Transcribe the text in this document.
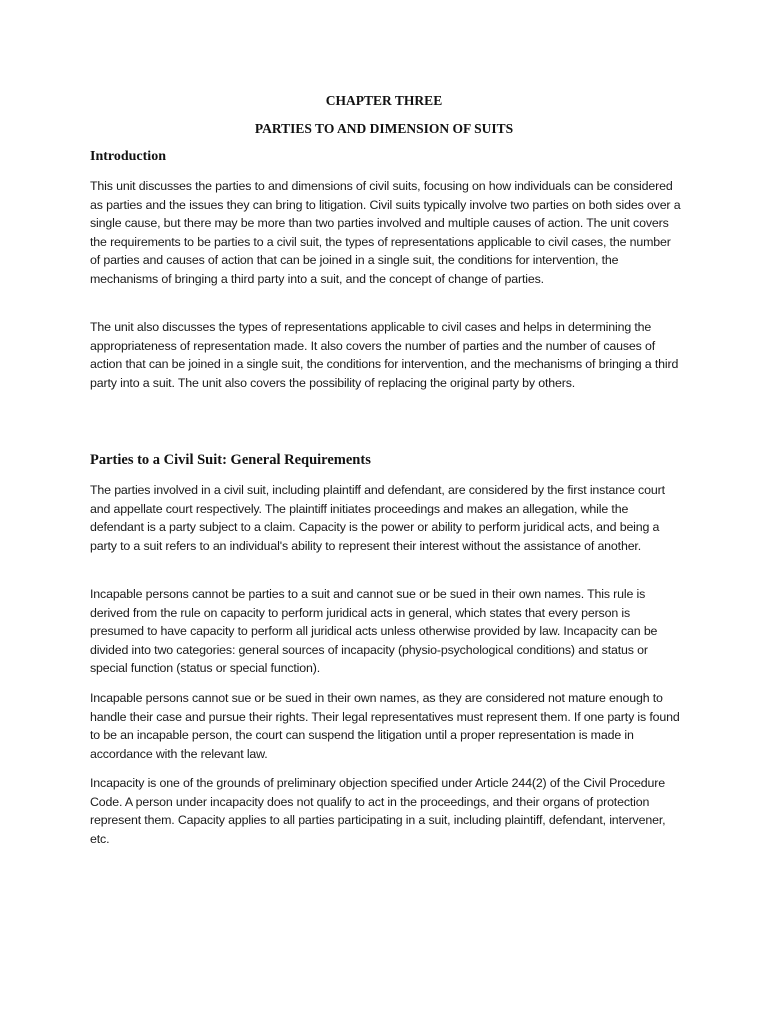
CHAPTER THREE
PARTIES TO AND DIMENSION OF SUITS
Introduction

This unit discusses the parties to and dimensions of civil suits, focusing on how individuals can be considered as parties and the issues they can bring to litigation. Civil suits typically involve two parties on both sides over a single cause, but there may be more than two parties involved and multiple causes of action. The unit covers the requirements to be parties to a civil suit, the types of representations applicable to civil cases, the number of parties and causes of action that can be joined in a single suit, the conditions for intervention, the mechanisms of bringing a third party into a suit, and the concept of change of parties.

The unit also discusses the types of representations applicable to civil cases and helps in determining the appropriateness of representation made. It also covers the number of parties and the number of causes of action that can be joined in a single suit, the conditions for intervention, and the mechanisms of bringing a third party into a suit. The unit also covers the possibility of replacing the original party by others.

Parties to a Civil Suit: General Requirements

The parties involved in a civil suit, including plaintiff and defendant, are considered by the first instance court and appellate court respectively. The plaintiff initiates proceedings and makes an allegation, while the defendant is a party subject to a claim. Capacity is the power or ability to perform juridical acts, and being a party to a suit refers to an individual's ability to represent their interest without the assistance of another.

Incapable persons cannot be parties to a suit and cannot sue or be sued in their own names. This rule is derived from the rule on capacity to perform juridical acts in general, which states that every person is presumed to have capacity to perform all juridical acts unless otherwise provided by law. Incapacity can be divided into two categories: general sources of incapacity (physio-psychological conditions) and status or special function (status or special function).

Incapable persons cannot sue or be sued in their own names, as they are considered not mature enough to handle their case and pursue their rights. Their legal representatives must represent them. If one party is found to be an incapable person, the court can suspend the litigation until a proper representation is made in accordance with the relevant law.

Incapacity is one of the grounds of preliminary objection specified under Article 244(2) of the Civil Procedure Code. A person under incapacity does not qualify to act in the proceedings, and their organs of protection represent them. Capacity applies to all parties participating in a suit, including plaintiff, defendant, intervener, etc.
